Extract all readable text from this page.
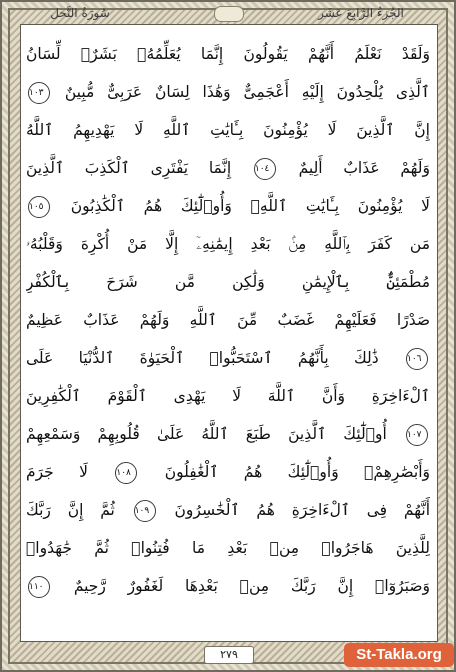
سُورَةُ النَّحل	الجُزءُ الرَّابِعَ عَشَر
وَلَقَدْ نَعْلَمُ أَنَّهُمْ يَقُولُونَ إِنَّمَا يُعَلِّمُهُۥ بَشَرٌۗ لِّسَانُ
ٱلَّذِى يُلْحِدُونَ إِلَيْهِ أَعْجَمِىٌّ وَهَٰذَا لِسَانٌ عَرَبِىٌّ مُّبِينٌ ١٠٣
إِنَّ ٱلَّذِينَ لَا يُؤْمِنُونَ بِـَٔايَٰتِ ٱللَّهِ لَا يَهْدِيهِمُ ٱللَّهُ
وَلَهُمْ عَذَابٌ أَلِيمٌ ١٠٤ إِنَّمَا يَفْتَرِى ٱلْكَذِبَ ٱلَّذِينَ
لَا يُؤْمِنُونَ بِـَٔايَٰتِ ٱللَّهِۖ وَأُو۟لَٰٓئِكَ هُمُ ٱلْكَٰذِبُونَ ١٠٥
مَن كَفَرَ بِٱللَّهِ مِنۢ بَعْدِ إِيمَٰنِهِۦٓ إِلَّا مَنْ أُكْرِهَ وَقَلْبُهُۥ
مُطْمَئِنٌّۢ بِٱلْإِيمَٰنِ وَلَٰكِن مَّن شَرَحَ بِٱلْكُفْرِ
صَدْرًا فَعَلَيْهِمْ غَضَبٌ مِّنَ ٱللَّهِ وَلَهُمْ عَذَابٌ عَظِيمٌ
١٠٦ ذَٰلِكَ بِأَنَّهُمُ ٱسْتَحَبُّوا۟ ٱلْحَيَوٰةَ ٱلدُّنْيَا عَلَى
ٱلْءَاخِرَةِ وَأَنَّ ٱللَّهَ لَا يَهْدِى ٱلْقَوْمَ ٱلْكَٰفِرِينَ
١٠٧ أُو۟لَٰٓئِكَ ٱلَّذِينَ طَبَعَ ٱللَّهُ عَلَىٰ قُلُوبِهِمْ وَسَمْعِهِمْ
وَأَبْصَٰرِهِمْۖ وَأُو۟لَٰٓئِكَ هُمُ ٱلْغَٰفِلُونَ ١٠٨ لَا جَرَمَ
أَنَّهُمْ فِى ٱلْءَاخِرَةِ هُمُ ٱلْخَٰسِرُونَ ١٠٩ ثُمَّ إِنَّ رَبَّكَ
لِلَّذِينَ هَاجَرُوا۟ مِنۢ بَعْدِ مَا فُتِنُوا۟ ثُمَّ جَٰهَدُوا۟
وَصَبَرُوٓا۟ إِنَّ رَبَّكَ مِنۢ بَعْدِهَا لَغَفُورٌ رَّحِيمٌ ١١٠
٢٧٩	St-Takla.org
